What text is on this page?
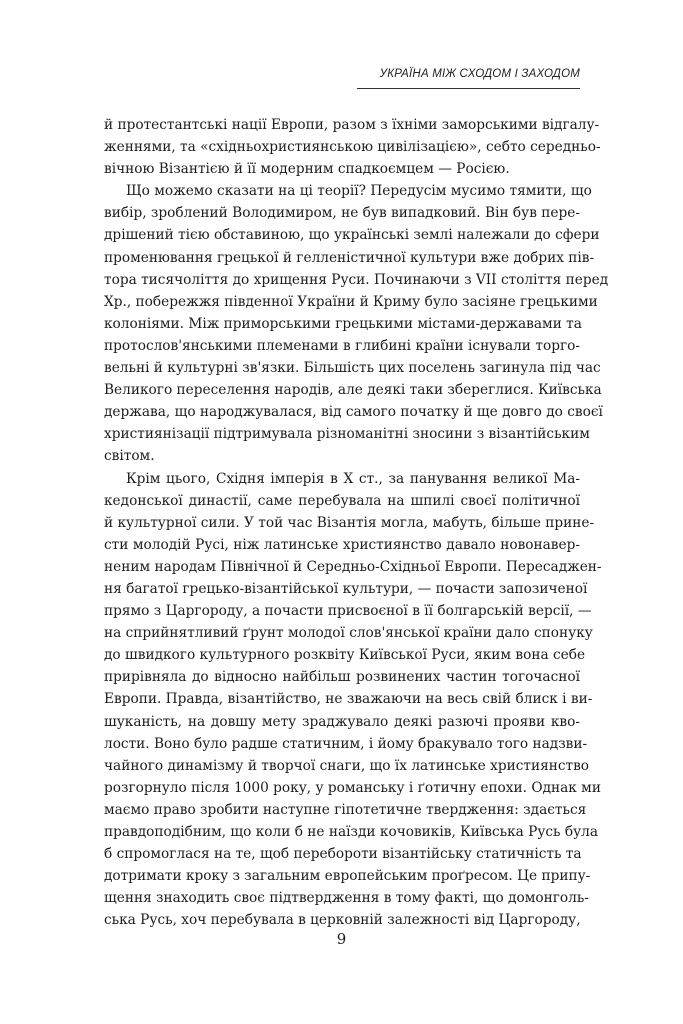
УКРАЇНА МІЖ СХОДОМ І ЗАХОДОМ
й протестантські нації Европи, разом з їхніми заморськими відгалу-
женнями, та «східньохристиянською цивілізацією», себто середньо-
вічною Візантією й її модерним спадкоємцем — Росією.
Що можемо сказати на ці теорії? Передусім мусимо тямити, що
вибір, зроблений Володимиром, не був випадковий. Він був пере-
дрішений тією обставиною, що українські землі належали до сфери
променювання грецької й гелленістичної культури вже добрих пів-
тора тисячоліття до хрищення Руси. Починаючи з VII століття перед
Хр., побережжя південної України й Криму було засіяне грецькими
колоніями. Між приморськими грецькими містами-державами та
протослов'янськими племенами в глибині країни існували торго-
вельні й культурні зв'язки. Більшість цих поселень загинула під час
Великого переселення народів, але деякі таки збереглися. Київська
держава, що народжувалася, від самого початку й ще довго до своєї
християнізації підтримувала різноманітні зносини з візантійським
світом.
Крім цього, Східня імперія в Х ст., за панування великої Ма-
кедонської династії, саме перебувала на шпилі своєї політичної
й культурної сили. У той час Візантія могла, мабуть, більше прине-
сти молодій Русі, ніж латинське християнство давало новонавер-
неним народам Північної й Середньо-Східньої Европи. Пересаджен-
ня багатої грецько-візантійської культури, — почасти запозиченої
прямо з Царгороду, а почасти присвоєної в її болгарській версії, —
на сприйнятливий ґрунт молодої слов'янської країни дало спонуку
до швидкого культурного розквіту Київської Руси, яким вона себе
прирівняла до відносно найбільш розвинених частин тогочасної
Европи. Правда, візантійство, не зважаючи на весь свій блиск і ви-
шуканість, на довшу мету зраджувало деякі разючі прояви кво-
лости. Воно було радше статичним, і йому бракувало того надзви-
чайного динамізму й творчої снаги, що їх латинське християнство
розгорнуло після 1000 року, у романську і ґотичну епохи. Однак ми
маємо право зробити наступне гіпотетичне твердження: здається
правдоподібним, що коли б не наїзди кочовиків, Київська Русь була
б спромоглася на те, щоб перебороти візантійську статичність та
дотримати кроку з загальним европейським проґресом. Це припу-
щення знаходить своє підтвердження в тому факті, що домонголь-
ська Русь, хоч перебувала в церковній залежності від Царгороду,
9
